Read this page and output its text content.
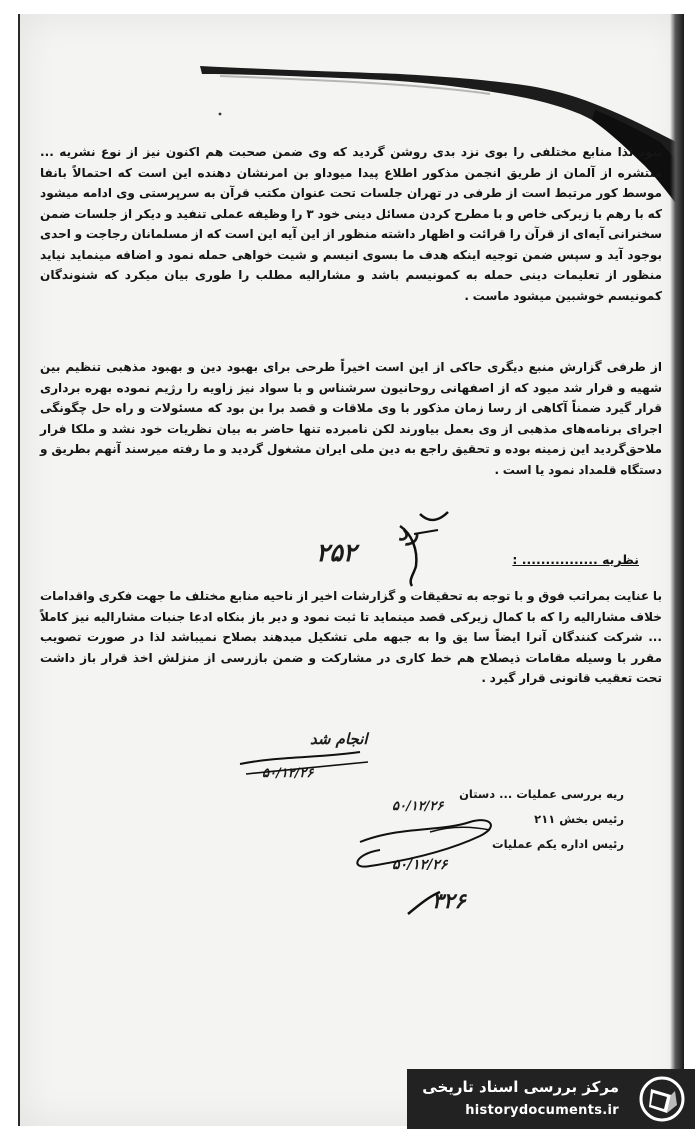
نبود لذا منابع مختلفی را بوی نزد بدی روشن گردید که وی ضمن صحبت هم اکنون نیز از نوع نشریه ... منتشره از آلمان از طریق انجمن مذکور اطلاع پیدا میوداو بن امرنشان دهنده این است که احتمالاً بانفا موسط کور مرتبط است از طرفی در تهران جلسات تحت عنوان مکتب قرآن به سرپرستی وی ادامه میشود که با رهم با زیرکی خاص و با مطرح کردن مسائل دینی خود ۳ را وظیفه عملی تنفید و دیکر از جلسات ضمن سخنرانی آیه‌ای از قرآن را قرائت و اظهار داشته منظور از این آیه این است که از مسلمانان رجاجت و احدی بوجود آید و سپس ضمن توجیه اینکه هدف ما بسوی انیسم و شیت خواهی حمله نمود و اضافه مینماید نیاید منظور از تعلیمات دینی حمله به کمونیسم باشد و مشارالیه مطلب را طوری بیان میکرد که شنوندگان کمونیسم خوشبین میشود ماست .
از طرفی گزارش منبع دیگری حاکی از این است اخیراً طرحی برای بهبود دین و بهبود مذهبی تنظیم بین شهیه و قرار شد میود که از اصفهانی روحانیون سرشناس و با سواد نیز زاویه را رژیم نموده بهره برداری قرار گیرد ضمناً آکاهی از رسا زمان مذکور با وی ملاقات و قصد برا بن بود که مسئولات و راه حل چگونگی اجرای برنامه‌های مذهبی از وی بعمل بیاورند لکن نامبرده تنها حاضر به بیان نظریات خود نشد و ملکا فرار ملاحق‌گردید این زمینه بوده و تحقیق راجع به دین ملی ایران مشغول گردید و ما رفته میرسند آنهم بطریق و دستگاه قلمداد نمود یا است .
نظریه ................ :
با عنایت بمراتب فوق و با توجه به تحقیقات و گزارشات اخیر از ناحیه منابع مختلف ما جهت فکری واقدامات خلاف مشارالیه را که با کمال زیرکی قصد مینماید تا ثبت نمود و دیر باز بنکاه ادعا جنبات مشارالیه نیز کاملاً ... شرکت کنندگان آنرا ایضاً سا یق وا به جبهه ملی تشکیل میدهند بصلاح نمیباشد لذا در صورت تصویب مقرر با وسیله مقامات ذیصلاح هم خط کاری در مشارکت و ضمن بازرسی از منزلش اخذ قرار باز داشت تحت تعقیب قانونی قرار گیرد .
۲۵۲
رد
انجام شد
۵۰/۱۲/۲۶
۵۰/۱۲/۲۶
۵۰/۱۲/۲۶
۳۲۶
ریه بررسی عملیات ... دستان
رئیس بخش ۲۱۱
رئیس اداره یکم عملیات
مرکز بررسی اسناد تاریخی
historydocuments.ir
